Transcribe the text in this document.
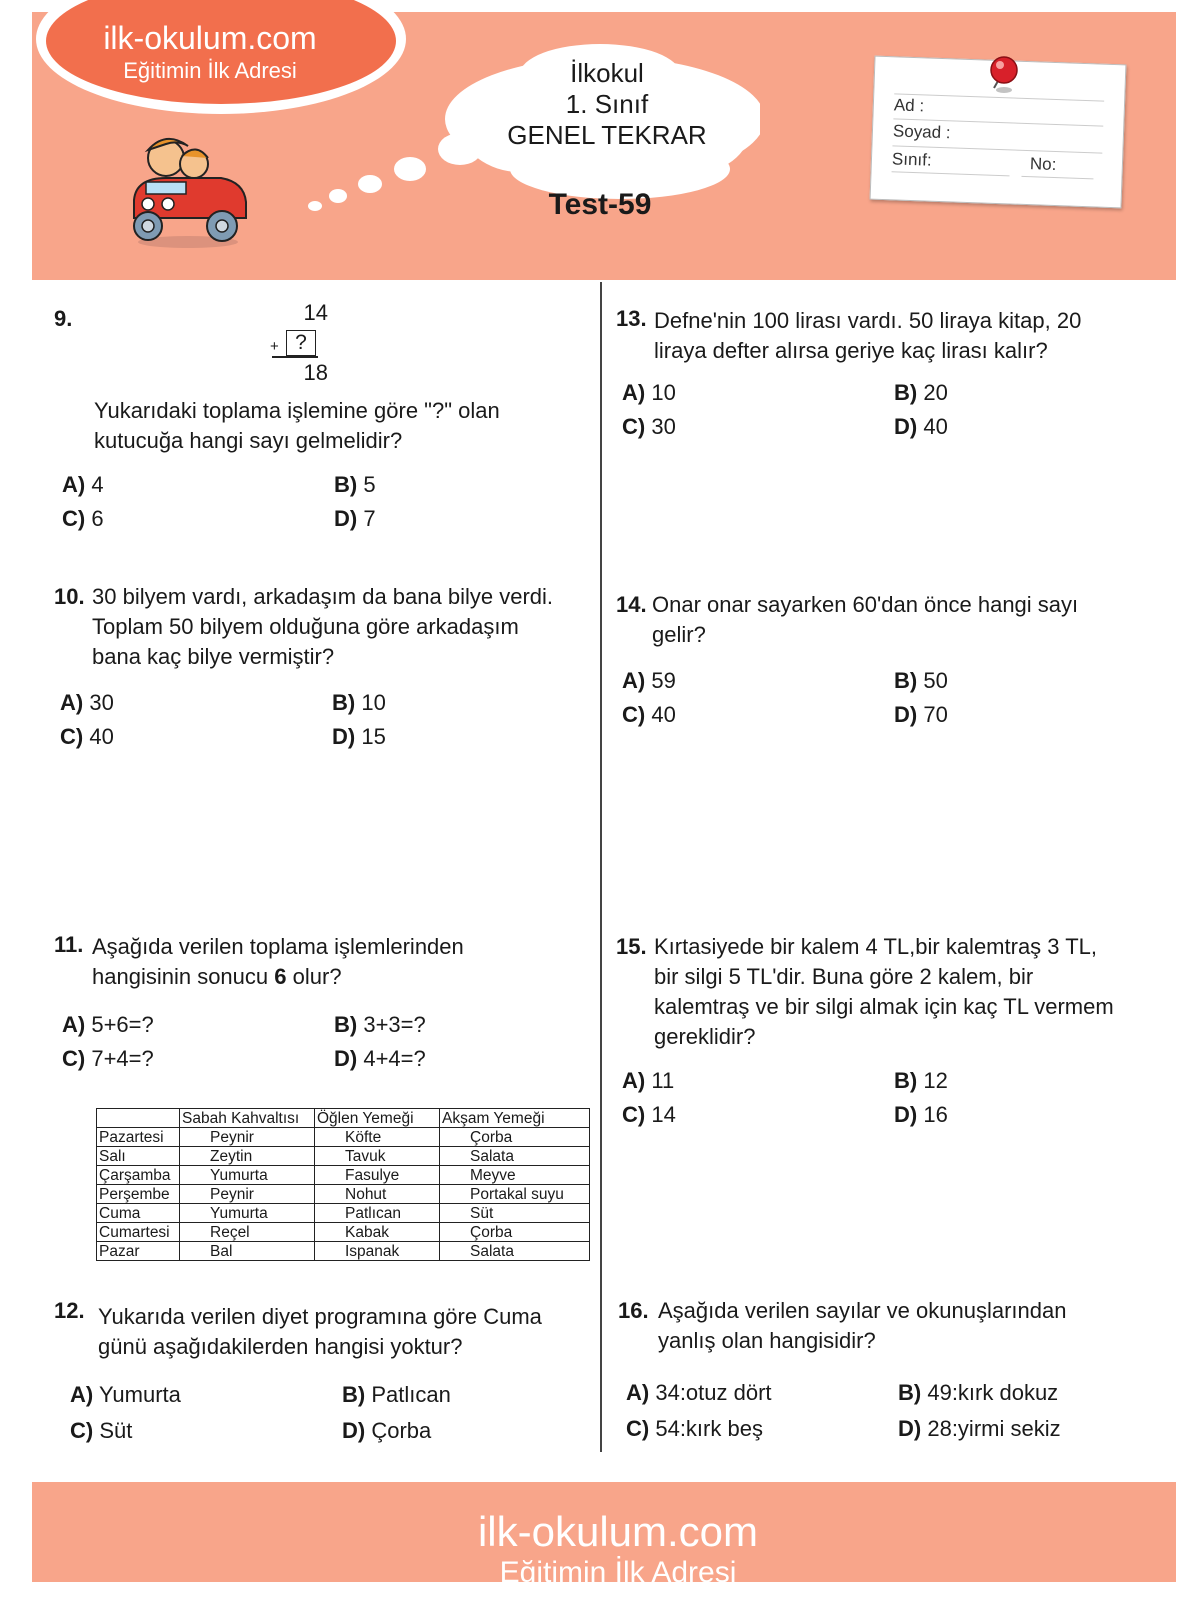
ilk-okulum.com
Eğitimin İlk Adresi	İlkokul
1. Sınıf
GENEL TEKRAR
Test-59
Ad :
Soyad :
Sınıf:	No:
9.	14
+ ?
18
Yukarıdaki toplama işlemine göre "?" olan
kutucuğa hangi sayı gelmelidir?
A) 4	B) 5
C) 6	D) 7
10. 30 bilyem vardı, arkadaşım da bana bilye verdi.
Toplam 50 bilyem olduğuna göre arkadaşım
bana kaç bilye vermiştir?
A) 30	B) 10
C) 40	D) 15
11. Aşağıda verilen toplama işlemlerinden
hangisinin sonucu 6 olur?
A) 5+6=?	B) 3+3=?
C) 7+4=?	D) 4+4=?
	Sabah Kahvaltısı	Öğlen Yemeği	Akşam Yemeği
Pazartesi	Peynir	Köfte	Çorba
Salı	Zeytin	Tavuk	Salata
Çarşamba	Yumurta	Fasulye	Meyve
Perşembe	Peynir	Nohut	Portakal suyu
Cuma	Yumurta	Patlıcan	Süt
Cumartesi	Reçel	Kabak	Çorba
Pazar	Bal	Ispanak	Salata
12. Yukarıda verilen diyet programına göre Cuma
günü aşağıdakilerden hangisi yoktur?
A) Yumurta	B) Patlıcan
C) Süt	D) Çorba
13. Defne'nin 100 lirası vardı. 50 liraya kitap, 20
liraya defter alırsa geriye kaç lirası kalır?
A) 10	B) 20
C) 30	D) 40
14. Onar onar sayarken 60'dan önce hangi sayı
gelir?
A) 59	B) 50
C) 40	D) 70
15. Kırtasiyede bir kalem 4 TL,bir kalemtraş 3 TL,
bir silgi 5 TL'dir. Buna göre 2 kalem, bir
kalemtraş ve bir silgi almak için kaç TL vermem
gereklidir?
A) 11	B) 12
C) 14	D) 16
16. Aşağıda verilen sayılar ve okunuşlarından
yanlış olan hangisidir?
A) 34:otuz dört	B) 49:kırk dokuz
C) 54:kırk beş	D) 28:yirmi sekiz
ilk-okulum.com
Eğitimin İlk Adresi
